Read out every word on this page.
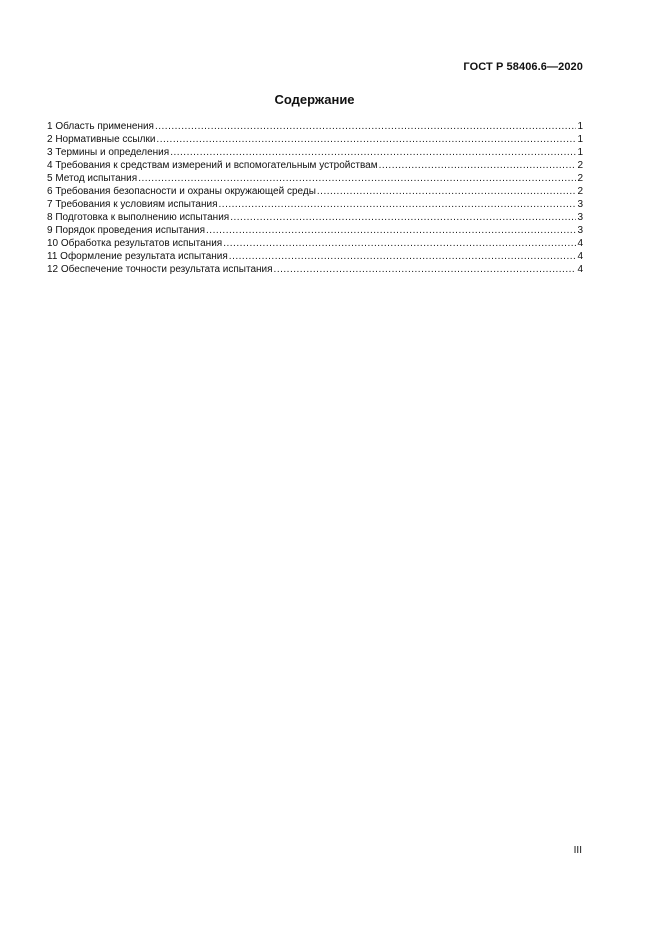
ГОСТ Р 58406.6—2020
Содержание
1 Область применения .....	1
2 Нормативные ссылки .....	1
3 Термины и определения .....	1
4 Требования к средствам измерений и вспомогательным устройствам .....	2
5 Метод испытания .....	2
6 Требования безопасности и охраны окружающей среды .....	2
7 Требования к условиям испытания .....	3
8 Подготовка к выполнению испытания .....	3
9 Порядок проведения испытания .....	3
10 Обработка результатов испытания .....	4
11 Оформление результата испытания .....	4
12 Обеспечение точности результата испытания .....	4
III
